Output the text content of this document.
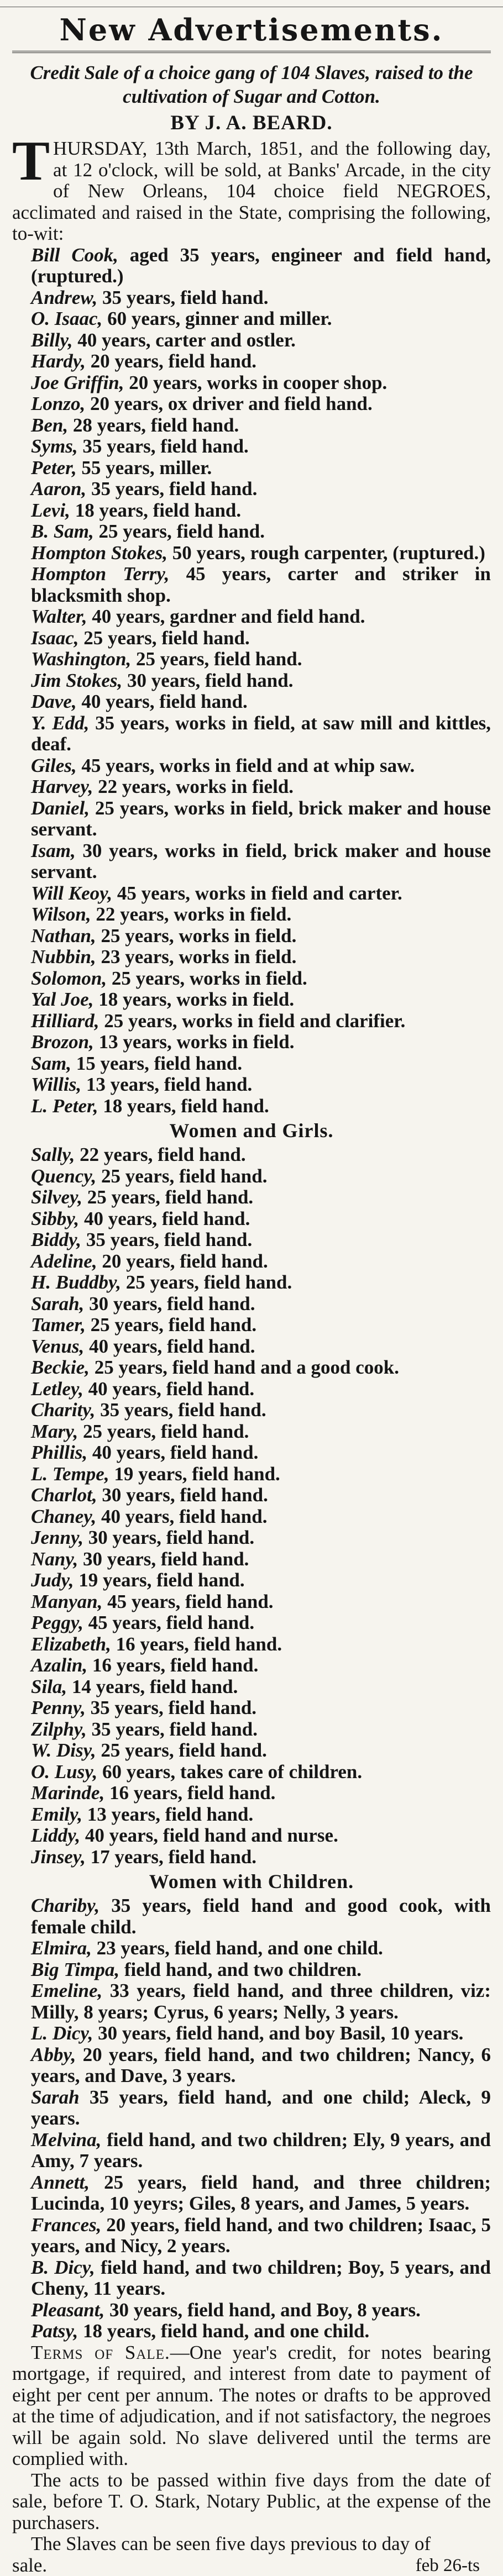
New Advertisements.
Credit Sale of a choice gang of 104 Slaves, raised to the cultivation of Sugar and Cotton.
BY J. A. BEARD.

THURSDAY, 13th March, 1851, and the following day, at 12 o'clock, will be sold, at Banks' Arcade, in the city of New Orleans, 104 choice field NEGROES, acclimated and raised in the State, comprising the following, to-wit:

Bill Cook, aged 35 years, engineer and field hand, (ruptured.)

Andrew, 35 years, field hand.

O. Isaac, 60 years, ginner and miller.

Billy, 40 years, carter and ostler.

Hardy, 20 years, field hand.

Joe Griffin, 20 years, works in cooper shop.

Lonzo, 20 years, ox driver and field hand.

Ben, 28 years, field hand.

Syms, 35 years, field hand.

Peter, 55 years, miller.

Aaron, 35 years, field hand.

Levi, 18 years, field hand.

B. Sam, 25 years, field hand.

Hompton Stokes, 50 years, rough carpenter, (ruptured.)

Hompton Terry, 45 years, carter and striker in blacksmith shop.

Walter, 40 years, gardner and field hand.

Isaac, 25 years, field hand.

Washington, 25 years, field hand.

Jim Stokes, 30 years, field hand.

Dave, 40 years, field hand.

Y. Edd, 35 years, works in field, at saw mill and kittles, deaf.

Giles, 45 years, works in field and at whip saw.

Harvey, 22 years, works in field.

Daniel, 25 years, works in field, brick maker and house servant.

Isam, 30 years, works in field, brick maker and house servant.

Will Keoy, 45 years, works in field and carter.

Wilson, 22 years, works in field.

Nathan, 25 years, works in field.

Nubbin, 23 years, works in field.

Solomon, 25 years, works in field.

Yal Joe, 18 years, works in field.

Hilliard, 25 years, works in field and clarifier.

Brozon, 13 years, works in field.

Sam, 15 years, field hand.

Willis, 13 years, field hand.

L. Peter, 18 years, field hand.

Women and Girls.

Sally, 22 years, field hand.

Quency, 25 years, field hand.

Silvey, 25 years, field hand.

Sibby, 40 years, field hand.

Biddy, 35 years, field hand.

Adeline, 20 years, field hand.

H. Buddby, 25 years, field hand.

Sarah, 30 years, field hand.

Tamer, 25 years, field hand.

Venus, 40 years, field hand.

Beckie, 25 years, field hand and a good cook.

Letley, 40 years, field hand.

Charity, 35 years, field hand.

Mary, 25 years, field hand.

Phillis, 40 years, field hand.

L. Tempe, 19 years, field hand.

Charlot, 30 years, field hand.

Chaney, 40 years, field hand.

Jenny, 30 years, field hand.

Nany, 30 years, field hand.

Judy, 19 years, field hand.

Manyan, 45 years, field hand.

Peggy, 45 years, field hand.

Elizabeth, 16 years, field hand.

Azalin, 16 years, field hand.

Sila, 14 years, field hand.

Penny, 35 years, field hand.

Zilphy, 35 years, field hand.

W. Disy, 25 years, field hand.

O. Lusy, 60 years, takes care of children.

Marinde, 16 years, field hand.

Emily, 13 years, field hand.

Liddy, 40 years, field hand and nurse.

Jinsey, 17 years, field hand.

Women with Children.

Chariby, 35 years, field hand and good cook, with female child.

Elmira, 23 years, field hand, and one child.

Big Timpa, field hand, and two children.

Emeline, 33 years, field hand, and three children, viz: Milly, 8 years; Cyrus, 6 years; Nelly, 3 years.

L. Dicy, 30 years, field hand, and boy Basil, 10 years.

Abby, 20 years, field hand, and two children; Nancy, 6 years, and Dave, 3 years.

Sarah 35 years, field hand, and one child; Aleck, 9 years.

Melvina, field hand, and two children; Ely, 9 years, and Amy, 7 years.

Annett, 25 years, field hand, and three children; Lucinda, 10 yeyrs; Giles, 8 years, and James, 5 years.

Frances, 20 years, field hand, and two children; Isaac, 5 years, and Nicy, 2 years.

B. Dicy, field hand, and two children; Boy, 5 years, and Cheny, 11 years.

Pleasant, 30 years, field hand, and Boy, 8 years.

Patsy, 18 years, field hand, and one child.

Terms of Sale.—One year's credit, for notes bearing mortgage, if required, and interest from date to payment of eight per cent per annum. The notes or drafts to be approved at the time of adjudication, and if not satisfactory, the negroes will be again sold. No slave delivered until the terms are complied with.

The acts to be passed within five days from the date of sale, before T. O. Stark, Notary Public, at the expense of the purchasers.

The Slaves can be seen five days previous to day of

sale.	feb 26-ts
